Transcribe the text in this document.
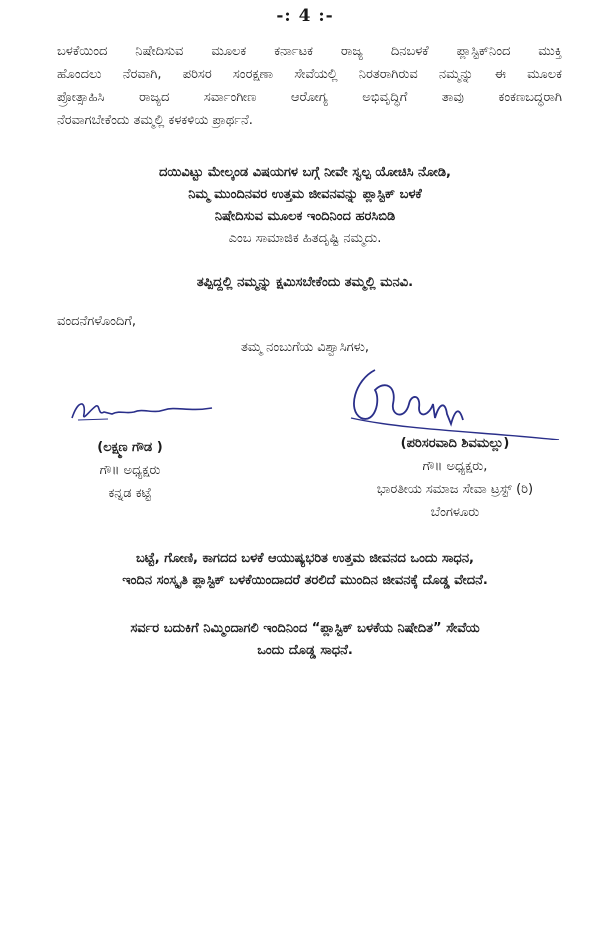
-: 4 :-
ಬಳಕೆಯಿಂದ ನಿಷೇದಿಸುವ ಮೂಲಕ ಕರ್ನಾಟಕ ರಾಜ್ಯ ದಿನಬಳಕೆ ಪ್ಲಾಸ್ಟಿಕ್‌ನಿಂದ ಮುಕ್ತಿ
ಹೊಂದಲು ನೆರವಾಗಿ, ಪರಿಸರ ಸಂರಕ್ಷಣಾ ಸೇವೆಯಲ್ಲಿ ನಿರತರಾಗಿರುವ ನಮ್ಮನ್ನು ಈ ಮೂಲಕ
ಪ್ರೋತ್ಸಾಹಿಸಿ ರಾಜ್ಯದ ಸರ್ವಾಂಗೀಣ ಆರೋಗ್ಯ ಅಭಿವೃದ್ಧಿಗೆ ತಾವು ಕಂಕಣಬದ್ಧರಾಗಿ
ನೆರವಾಗಬೇಕೆಂದು ತಮ್ಮಲ್ಲಿ ಕಳಕಳಿಯ ಪ್ರಾರ್ಥನೆ.
ದಯಿವಿಟ್ಟು ಮೇಲ್ಕಂಡ ವಿಷಯಗಳ ಬಗ್ಗೆ ನೀವೇ ಸ್ವಲ್ಪ ಯೋಚಿಸಿ ನೋಡಿ,
ನಿಮ್ಮ ಮುಂದಿನವರ ಉತ್ತಮ ಜೀವನವನ್ನು ಪ್ಲಾಸ್ಟಿಕ್ ಬಳಕೆ
ನಿಷೇದಿಸುವ ಮೂಲಕ ಇಂದಿನಿಂದ ಹರಸಿಬಿಡಿ
ಎಂಬ ಸಾಮಾಜಿಕ ಹಿತದೃಷ್ಟಿ ನಮ್ಮದು.
ತಪ್ಪಿದ್ದಲ್ಲಿ ನಮ್ಮನ್ನು ಕ್ಷಮಿಸಬೇಕೆಂದು ತಮ್ಮಲ್ಲಿ ಮನವಿ.
ವಂದನೆಗಳೊಂದಿಗೆ,
ತಮ್ಮ ನಂಬುಗೆಯ ವಿಶ್ವಾಸಿಗಳು,
(ಲಕ್ಷ್ಮಣ ಗೌಡ )
ಗೌ॥ ಅಧ್ಯಕ್ಷರು
ಕನ್ನಡ ಕಟ್ಟೆ
(ಪರಿಸರವಾದಿ ಶಿವಮಲ್ಲು)
ಗೌ॥ ಅಧ್ಯಕ್ಷರು,
ಭಾರತೀಯ ಸಮಾಜ ಸೇವಾ ಟ್ರಸ್ಟ್ (ರಿ)
ಬೆಂಗಳೂರು
ಬಟ್ಟೆ, ಗೋಣಿ, ಕಾಗದದ ಬಳಕೆ ಆಯುಷ್ಯಭರಿತ ಉತ್ತಮ ಜೀವನದ ಒಂದು ಸಾಧನ,
ಇಂದಿನ ಸಂಸ್ಕೃತಿ ಪ್ಲಾಸ್ಟಿಕ್ ಬಳಕೆಯಿಂದಾದರೆ ತರಲಿದೆ ಮುಂದಿನ ಜೀವನಕ್ಕೆ ದೊಡ್ಡ ವೇದನೆ.
ಸರ್ವರ ಬದುಕಿಗೆ ನಿಮ್ಮಿಂದಾಗಲಿ ಇಂದಿನಿಂದ “ಪ್ಲಾಸ್ಟಿಕ್ ಬಳಕೆಯ ನಿಷೇದಿತ” ಸೇವೆಯ
ಒಂದು ದೊಡ್ಡ ಸಾಧನೆ.
